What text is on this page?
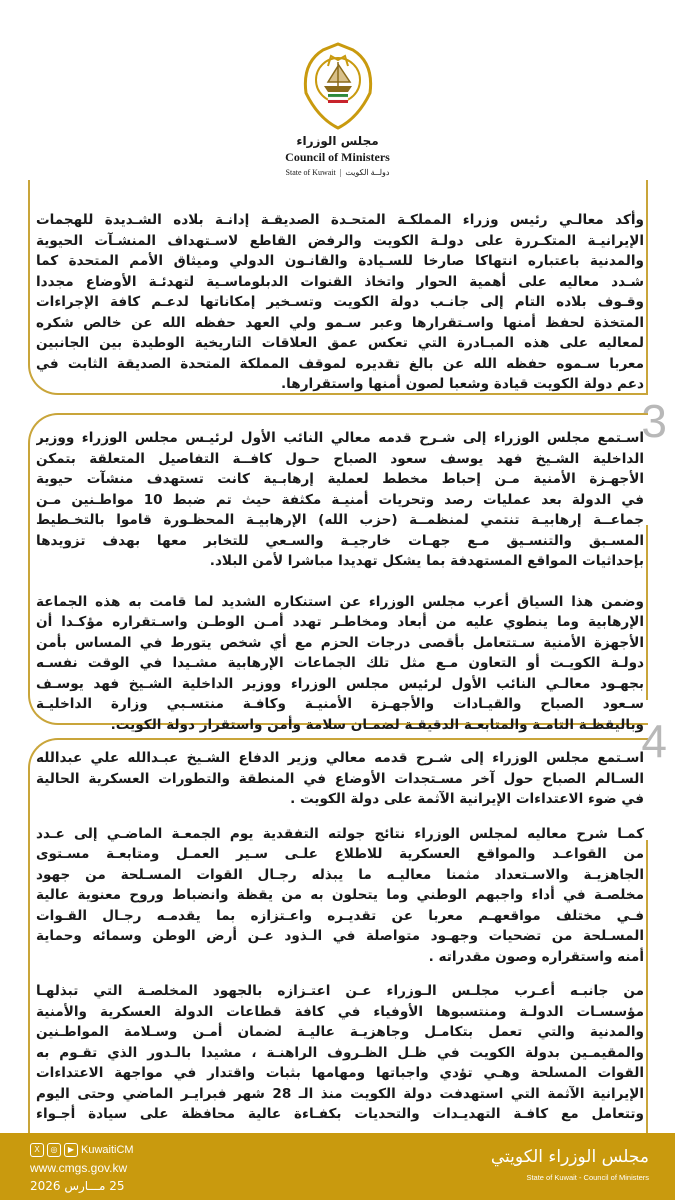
مجلس الوزراء
Council of Ministers
State of Kuwait  |  دولــة الكويت
3
4
وأكد معالـي رئيس وزراء المملكـة المتحـدة الصديقـة إدانـة بلاده الشـديدة للهجمات
الإيرانيـة المتكـررة على دولـة الكويت والرفض القاطع لاسـتهداف المنشـآت الحيوية
والمدنية باعتباره انتهاكا صارخا للسـيادة والقانـون الدولي وميثاق الأمم المتحدة كما
شـدد معاليه على أهمية الحوار واتخاذ القنوات الدبلوماسـية لتهدئـة الأوضاع مجددا
وقـوف بلاده التام إلى جانـب دولة الكويت وتسـخير إمكاناتها لدعـم كافة الإجراءات
المتخذة لحفظ أمنها واسـتقرارها وعبر سـمو ولي العهد حفظه الله عن خالص شكره
لمعاليه على هذه المبـادرة التي تعكس عمق العلاقات التاريخية الوطيدة بين الجانبين
معربا سـموه حفظه الله عن بالغ تقديره لموقف المملكة المتحدة الصديقة الثابت في
دعم دولة الكويت قيادة وشعبا لصون أمنها واستقرارها.
اسـتمع مجلس الوزراء إلى شـرح قدمه معالي النائب الأول لرئيـس مجلس الوزراء ووزير
الداخلية الشـيخ فهد يوسف سعود الصباح حـول كافــة التفاصيل المتعلقة بتمكن
الأجهـزة الأمنية مـن إحباط مخطط لعملية إرهابـية كانت تستهدف منشآت حيوية
في الدولة بعد عمليات رصد وتحريات أمنيـة مكثفة حيث تم ضبط 10 مواطـنين مـن
جماعــة إرهابيـة تنتمي لمنظمــة (حزب الله) الإرهابيـة المحظـورة قاموا بالتخـطيط
المسـبق والتنسـيق مـع جهـات خارجيـة والسـعي للتخابر معها بهدف تزويدها
بإحداثيات المواقع المستهدفة بما يشكل تهديدا مباشرا لأمن البلاد.
وضمن هذا السياق أعرب مجلس الوزراء عن استنكاره الشديد لما قامت به هذه الجماعة
الإرهابية وما ينطوي عليه من أبعاد ومخاطـر تهدد أمـن الوطـن واسـتقراره مؤكـدا أن
الأجهزة الأمنية سـتتعامل بأقصى درجات الحزم مع أي شخص يتورط في المساس بأمن
دولـة الكويـت أو التعاون مـع مثل تلك الجماعات الإرهابية مشـيدا في الوقت نفسـه
بجهـود معالـي النائب الأول لرئيس مجلس الوزراء ووزير الداخلية الشـيخ فهد يوسـف
سـعود الصباح والقيـادات والأجهـزة الأمنيـة وكافـة منتسـبي وزارة الداخليـة
وباليقظـة التامـة والمتابعـة الدقيقـة لضمـان سلامة وأمن واستقرار دولة الكويت.
اسـتمع مجلس الوزراء إلى شـرح قدمه معالي وزير الدفاع الشـيخ عبـدالله علي عبدالله
السـالم الصباح حول آخر مسـتجدات الأوضاع في المنطقة والتطورات العسكرية الحالية
في ضوء الاعتداءات الإيرانية الآثمة على دولة الكويت .
كمـا شرح معاليه لمجلس الوزراء نتائج جولته التفقدية يوم الجمعـة الماضـي إلى عـدد
من القواعـد والمواقع العسكرية للاطلاع علـى سـير العمـل ومتابعـة مسـتوى
الجاهزيـة والاسـتعداد مثمنا معاليـه ما يبذله رجـال القوات المسـلحة من جهود
مخلصـة في أداء واجبهم الوطني وما يتحلون به من يقظة وانضباط وروح معنوية عالية
فـي مختلف مواقعهـم معربا عن تقديـره واعـتزازه بما يقدمـه رجـال القـوات
المسـلحة من تضحيات وجهـود متواصلة في الـذود عـن أرض الوطن وسمائه وحماية
أمنه واستقراره وصون مقدراته .
من جانبـه أعـرب مجلـس الـوزراء عـن اعتـزازه بالجهود المخلصـة التي تبذلهـا
مؤسسـات الدولـة ومنتسبوها الأوفياء في كافة قطاعات الدولة العسكرية والأمنية
والمدنية والتي تعمل بتكامـل وجاهزيـة عاليـة لضمان أمـن وسـلامة المواطـنين
والمقيمـين بدولة الكويت في ظـل الظـروف الراهنـة ، مشيدا بالـدور الذي تقـوم به
القوات المسلحة وهـي تؤدي واجباتها ومهامها بثبات واقتدار في مواجهة الاعتداءات
الإيرانية الآثمة التي استهدفت دولة الكويت منذ الـ 28 شهر فبرايـر الماضي وحتى اليوم
وتتعامل مع كافـة التهديـدات والتحديات بكفـاءة عالية محافظة على سيادة أجـواء
X	◎	▶ KuwaitiCM
www.cmgs.gov.kw
25 مـــارس 2026
مجلس الوزراء الكويتي
State of Kuwait - Council of Ministers
